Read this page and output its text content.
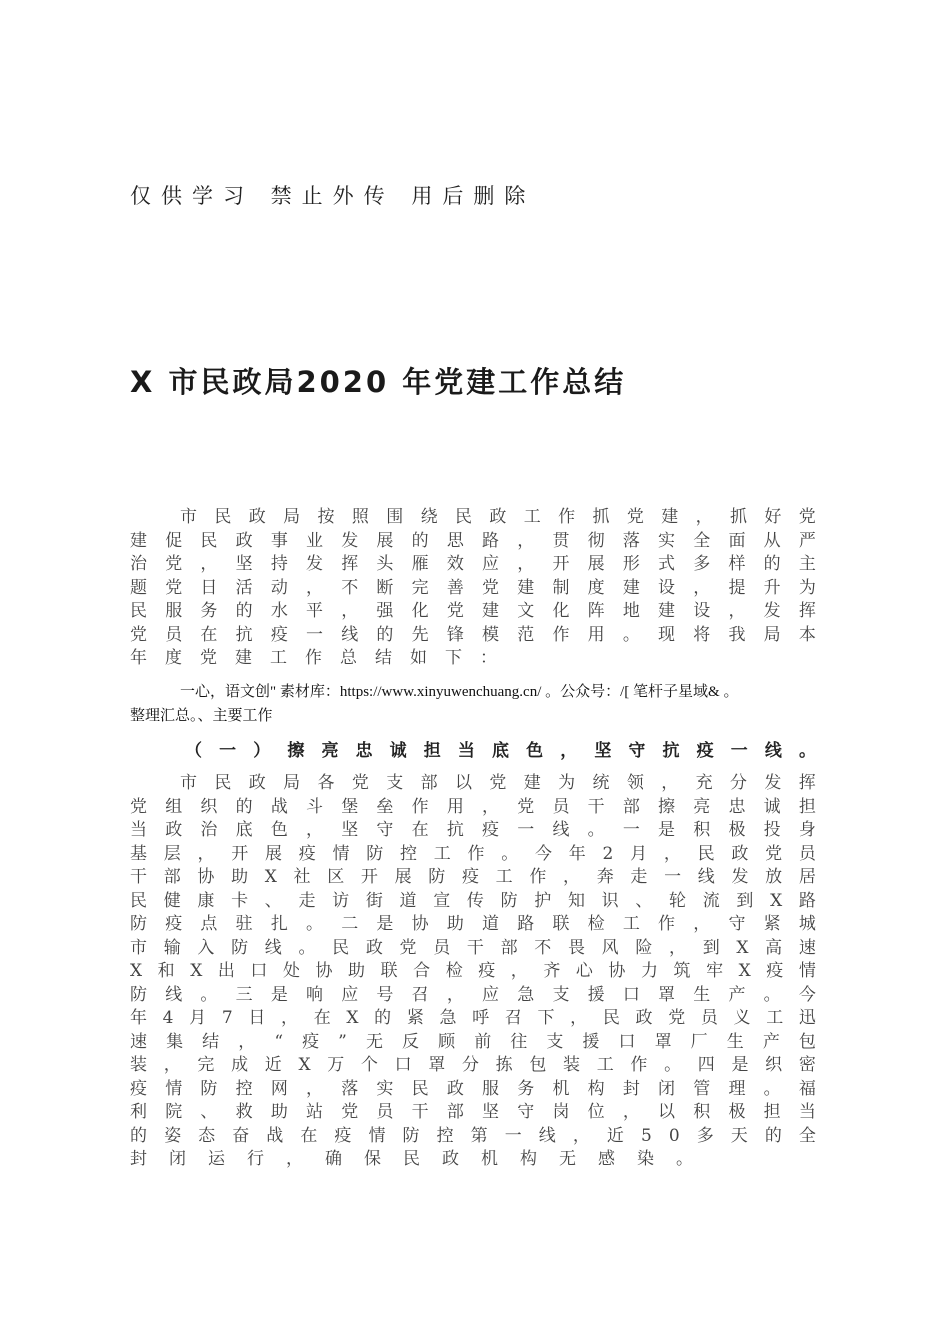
仅供学习 禁止外传 用后删除
X 市民政局2020 年党建工作总结
市 民 政 局 按 照 围 绕 民 政 工 作 抓 党 建 ， 抓 好 党
建 促 民 政 事 业 发 展 的 思 路 ， 贯 彻 落 实 全 面 从 严
治 党 ， 坚 持 发 挥 头 雁 效 应 ， 开 展 形 式 多 样 的 主
题 党 日 活 动 ， 不 断 完 善 党 建 制 度 建 设 ， 提 升 为
民 服 务 的 水 平 ， 强 化 党 建 文 化 阵 地 建 设 ， 发 挥
党 员 在 抗 疫 一 线 的 先 锋 模 范 作 用 。 现 将 我 局 本
年度党建工作总结如下：
一心，语文创" 素材库：https://www.xinyuwenchuang.cn/ 。公众号：/[ 笔杆子星域& 。
整理汇总。、主要工作
（ 一 ） 擦 亮 忠 诚 担 当 底 色 ， 坚 守 抗 疫 一 线 。
市 民 政 局 各 党 支 部 以 党 建 为 统 领 ， 充 分 发 挥
党 组 织 的 战 斗 堡 垒 作 用 ， 党 员 干 部 擦 亮 忠 诚 担
当 政 治 底 色 ， 坚 守 在 抗 疫 一 线 。 一 是 积 极 投 身
基 层 ， 开 展 疫 情 防 控 工 作 。 今 年 2 月 ， 民 政 党 员
干 部 协 助 X 社 区 开 展 防 疫 工 作 ， 奔 走 一 线 发 放 居
民 健 康 卡 、 走 访 街 道 宣 传 防 护 知 识 、 轮 流 到 X 路
防 疫 点 驻 扎 。 二 是 协 助 道 路 联 检 工 作 ， 守 紧 城
市 输 入 防 线 。 民 政 党 员 干 部 不 畏 风 险 ， 到 X 高 速
X 和 X 出 口 处 协 助 联 合 检 疫 ， 齐 心 协 力 筑 牢 X 疫 情
防 线 。 三 是 响 应 号 召 ， 应 急 支 援 口 罩 生 产 。 今
年 4 月 7 日 ， 在 X 的 紧 急 呼 召 下 ， 民 政 党 员 义 工 迅
速 集 结 ， “ 疫 ” 无 反 顾 前 往 支 援 口 罩 厂 生 产 包
装 ， 完 成 近 X 万 个 口 罩 分 拣 包 装 工 作 。 四 是 织 密
疫 情 防 控 网 ， 落 实 民 政 服 务 机 构 封 闭 管 理 。 福
利 院 、 救 助 站 党 员 干 部 坚 守 岗 位 ， 以 积 极 担 当
的 姿 态 奋 战 在 疫 情 防 控 第 一 线 ， 近 5 0 多 天 的 全
封闭运行，确保民政机构无感染。
